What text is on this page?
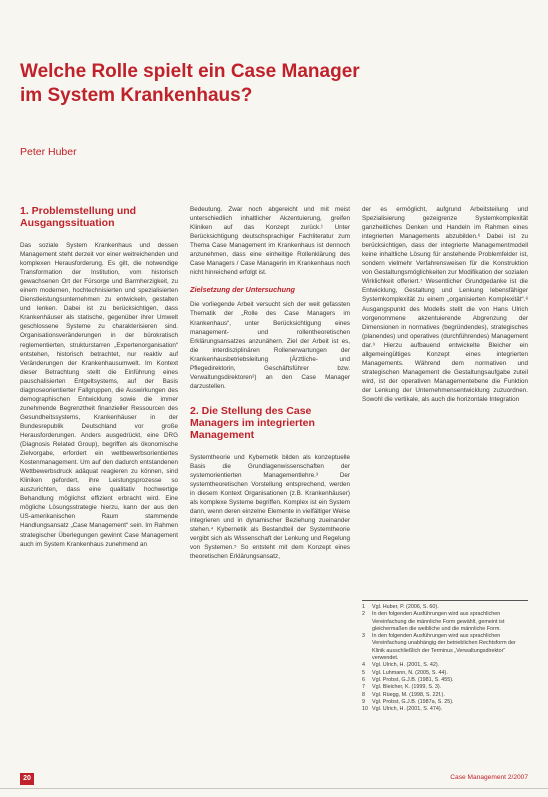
Welche Rolle spielt ein Case Manager
im System Krankenhaus?
Peter Huber
1. Problemstellung und Ausgangssituation

Das soziale System Krankenhaus und dessen Management steht derzeit vor einer weitreichenden und komplexen Herausforderung. Es gilt, die notwendige Transformation der Institution, vom historisch gewachsenen Ort der Fürsorge und Barmherzigkeit, zu einem modernen, hochtechnisierten und spezialisierten Dienstleistungsunternehmen zu entwickeln, gestalten und lenken. Dabei ist zu berücksichtigen, dass Krankenhäuser als statische, gegenüber ihrer Umwelt geschlossene Systeme zu charakterisieren sind. Organisationsveränderungen in der bürokratisch reglementierten, strukturstarren „Expertenorganisation“ entstehen, historisch betrachtet, nur reaktiv auf Veränderungen der Krankenhausumwelt. Im Kontext dieser Betrachtung stellt die Einführung eines pauschalisierten Entgeltsystems, auf der Basis diagnoseorientierter Fallgruppen, die Auswirkungen des demographischen Entwicklung sowie die immer zunehmende Begrenztheit finanzieller Ressourcen des Gesundheitssystems, Krankenhäuser in der Bundesrepublik Deutschland vor große Herausforderungen. Anders ausgedrückt, eine DRG (Diagnosis Related Group), begriffen als ökonomische Zielvorgabe, erfordert ein wettbewerbsorientiertes Kostenmanagement. Um auf den dadurch entstandenen Wettbewerbsdruck adäquat reagieren zu können, sind Kliniken gefordert, ihre Leistungsprozesse so auszurichten, dass eine qualitativ hochwertige Behandlung möglichst effizient erbracht wird. Eine mögliche Lösungsstrategie hierzu, kann der aus den US-amerikanischen Raum stammende Handlungsansatz „Case Management“ sein. Im Rahmen strategischer Überlegungen gewinnt Case Management auch im System Krankenhaus zunehmend an

Bedeutung. Zwar noch abgereicht und mit meist unterschiedlich inhaltlicher Akzentuierung, greifen Kliniken auf das Konzept zurück.¹ Unter Berücksichtigung deutschsprachiger Fachliteratur zum Thema Case Management im Krankenhaus ist dennoch anzunehmen, dass eine einheitige Rollenklärung des Case Managers / Case Managerin im Krankenhaus noch nicht hinreichend erfolgt ist.

Zielsetzung der Untersuchung

Die vorliegende Arbeit versucht sich der weit gefassten Thematik der „Rolle des Case Managers im Krankenhaus“, unter Berücksichtigung eines management- und rollentheoretischen Erklärungsansatzes anzunähern. Ziel der Arbeit ist es, die interdisziplinären Rollenerwartungen der Krankenhausbetriebsleitung (Ärztliche- und Pflegedirektorin, Geschäftsführer bzw. Verwaltungsdirektoren²) an den Case Manager darzustellen.

2. Die Stellung des Case Managers im integrierten Management

Systemtheorie und Kybernetik bilden als konzeptuelle Basis die Grundlagenwissenschaften der systemorientierten Managementlehre.³ Der systemtheoretischen Vorstellung entsprechend, werden in diesem Kontext Organisationen (z.B. Krankenhäuser) als komplexe Systeme begriffen. Komplex ist ein System dann, wenn deren einzelne Elemente in vielfältiger Weise integrieren und in dynamischer Beziehung zueinander stehen.⁴ Kybernetik als Bestandteil der Systemtheorie vergibt sich als Wissenschaft der Lenkung und Regelung von Systemen.⁵ So entsteht mit dem Konzept eines theoretischen Erklärungsansatz,

der es ermöglicht, aufgrund Arbeitsteilung und Spezialisierung gezeigrenze Systemkomplexität ganzheitliches Denken und Handeln im Rahmen eines integrierten Managements abzubilden.⁶ Dabei ist zu berücksichtigen, dass der integrierte Managementmodell keine inhaltliche Lösung für anstehende Problemfelder ist, sondern vielmehr Verfahrensweisen für die Konstruktion von Gestaltungsmöglichkeiten zur Modifikation der sozialen Wirklichkeit offeriert.⁷ Wesentlicher Grundgedanke ist die Entwicklung, Gestaltung und Lenkung lebensfähiger Systemkomplexität zu einem „organisierten Komplexität“.⁸ Ausgangspunkt des Modells stellt die von Hans Ulrich vorgenommene akzentuierende Abgrenzung der Dimensionen in normatives (begründendes), strategisches (planendes) und operatives (durchführendes) Management dar.⁹ Hierzu aufbauend entwickelte Bleicher ein allgemeingültiges Konzept eines integrierten Managements. Während dem normativen und strategischen Management die Gestaltungsaufgabe zuteil wird, ist der operativen Managementebene die Funktion der Lenkung der Unternehmensentwicklung zuzuordnen. Sowohl die vertikale, als auch die horizontale Integration

1	Vgl. Huber, P. (2006, S. 60).
2	In den folgenden Ausführungen wird aus sprachlichen Vereinfachung die männliche Form gewählt, gemeint ist gleichermaßen die weibliche und die männliche Form.
3	In den folgenden Ausführungen wird aus sprachlichen Vereinfachung unabhängig der betrieblichen Rechtsform der Klinik ausschließlich der Terminus „Verwaltungsdirektor“ verwendet.
4	Vgl. Ulrich, H. (2001, S. 42).
5	Vgl. Luhmann, N. (2005, S. 44).
6	Vgl. Probst, G.J.B. (1981, S. 455).
7	Vgl. Bleicher, K. (1999, S. 3).
8	Vgl. Rüegg, M. (1998, S. 22f.).
9	Vgl. Probst, G.J.B. (1987a, S. 25).
10 Vgl. Ulrich, H. (2001, S. 474).
20	Case Management 2/2007
